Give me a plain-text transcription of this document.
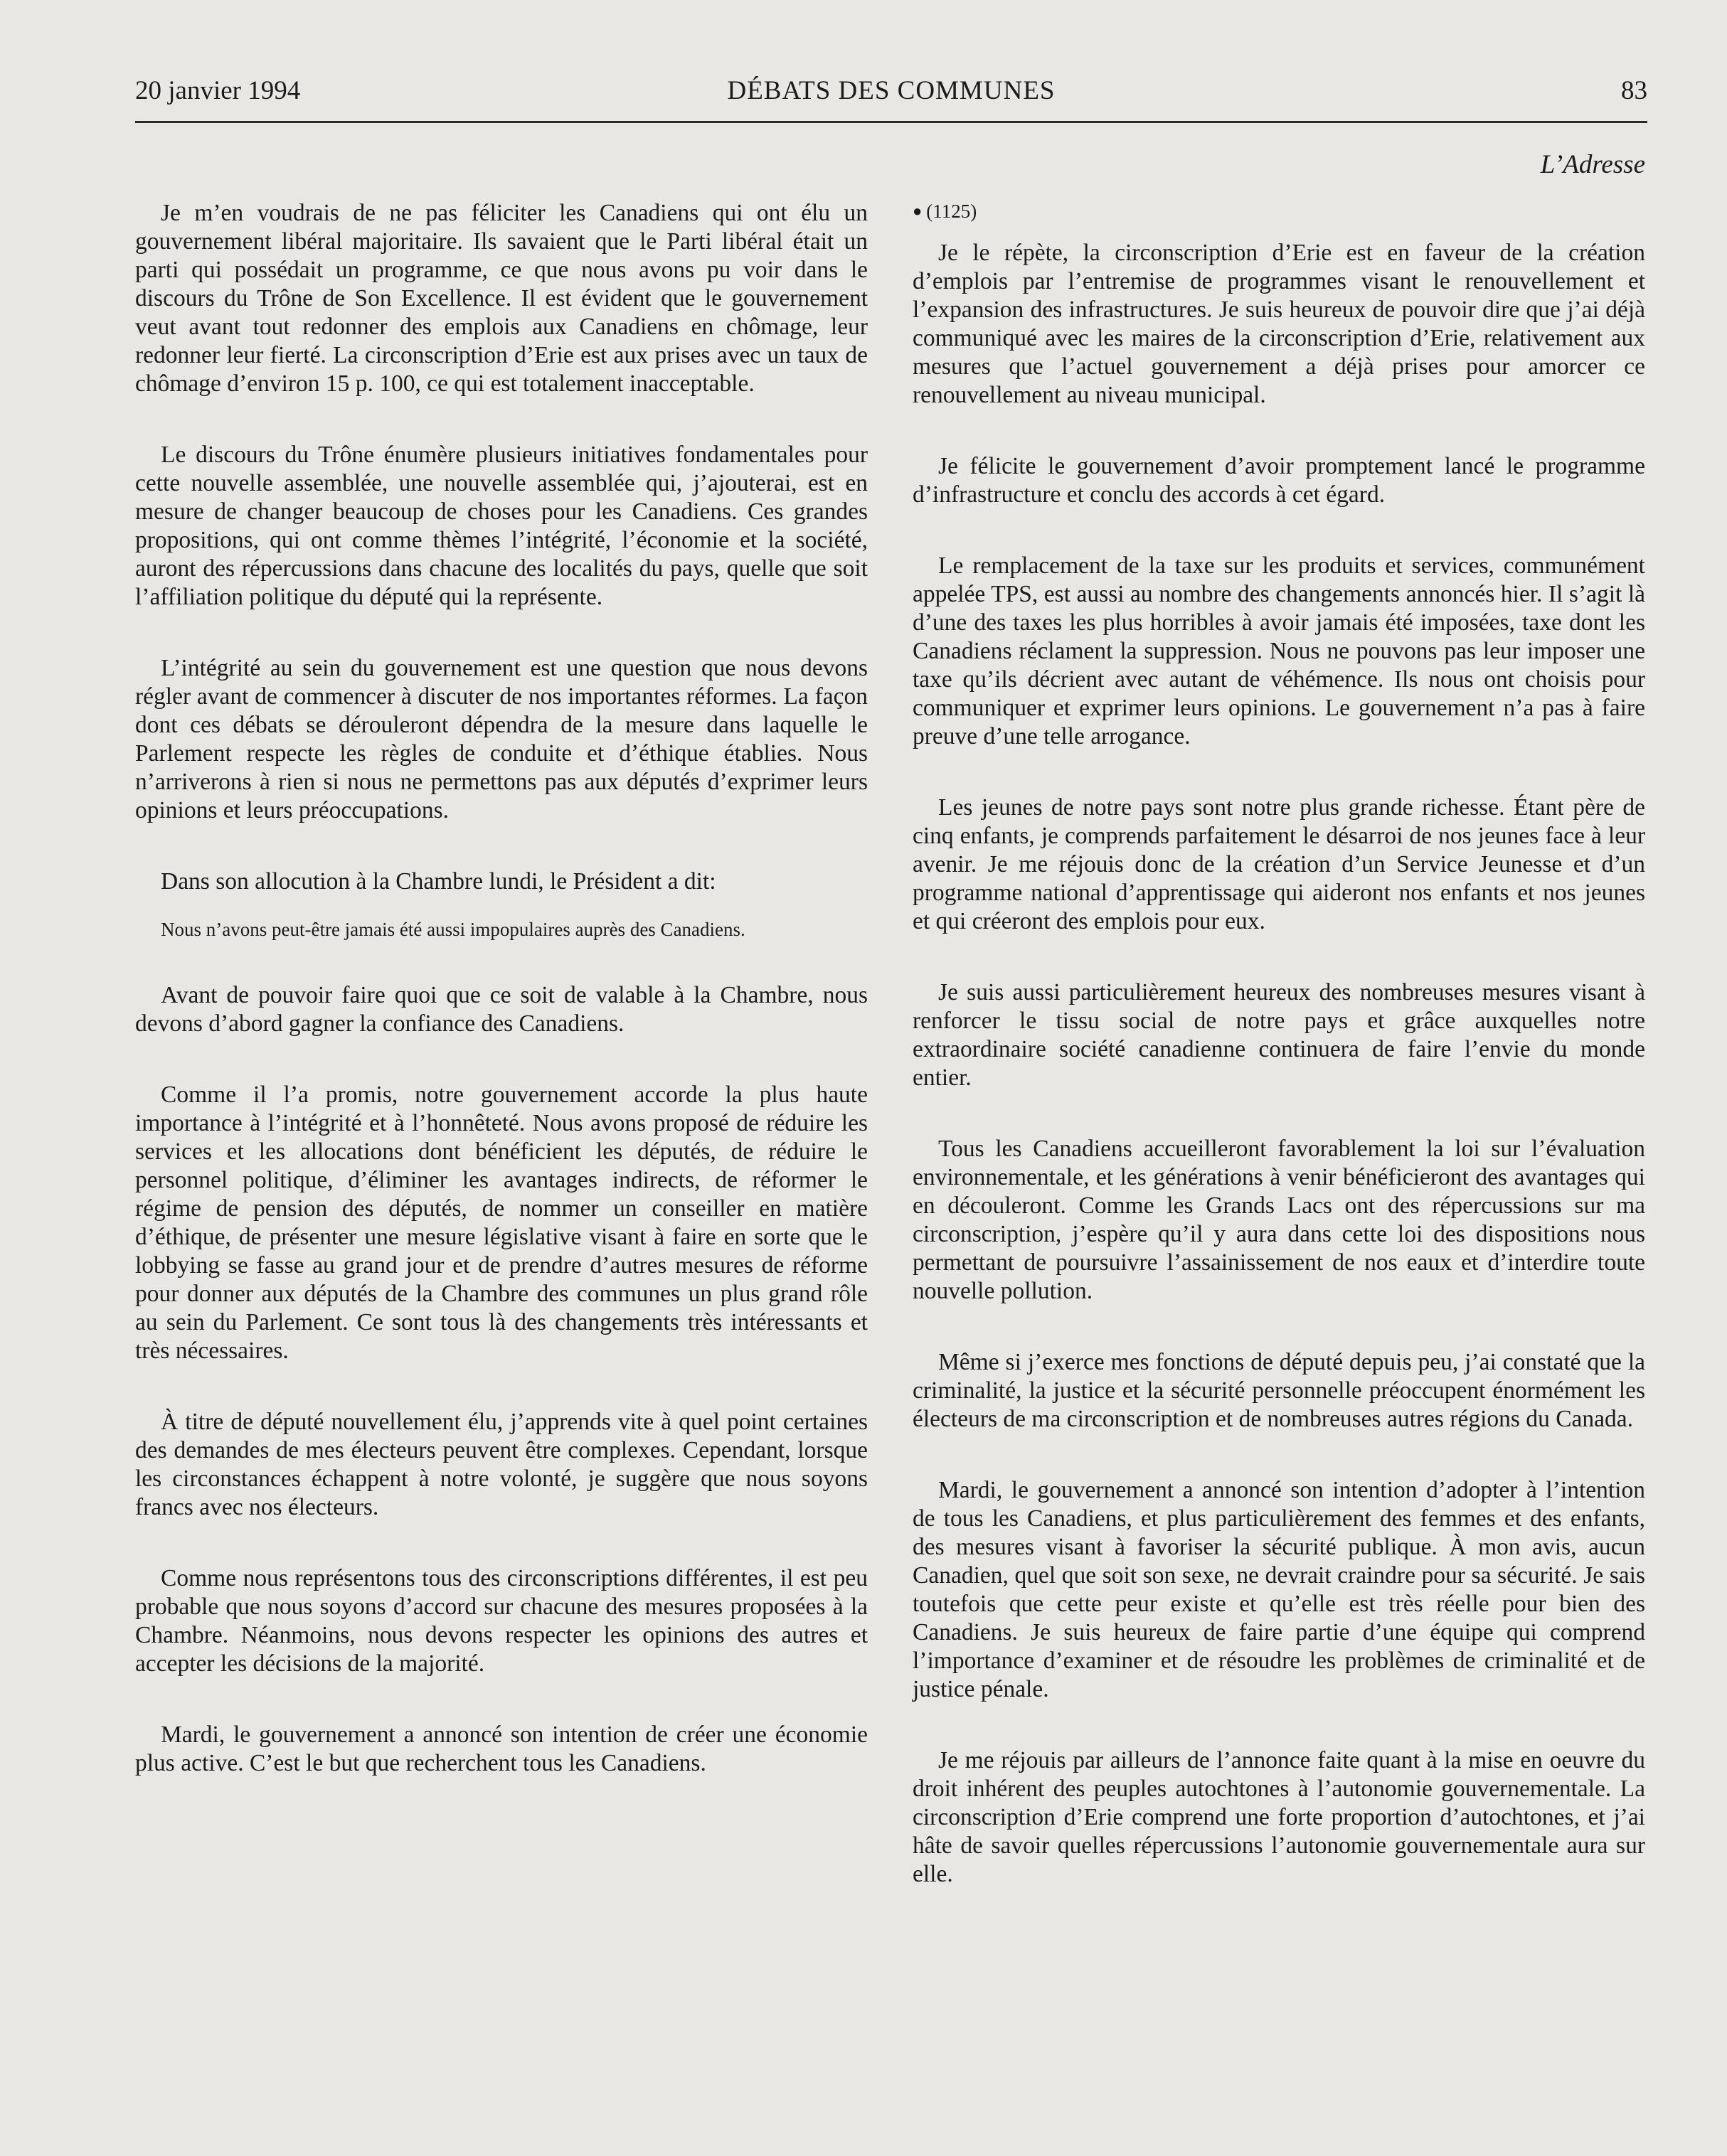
20 janvier 1994	DÉBATS DES COMMUNES	83
L’Adresse

Je m’en voudrais de ne pas féliciter les Canadiens qui ont élu un gouvernement libéral majoritaire. Ils savaient que le Parti libéral était un parti qui possédait un programme, ce que nous avons pu voir dans le discours du Trône de Son Excellence. Il est évident que le gouvernement veut avant tout redonner des emplois aux Canadiens en chômage, leur redonner leur fierté. La circonscription d’Erie est aux prises avec un taux de chômage d’environ 15 p. 100, ce qui est totalement inacceptable.

Le discours du Trône énumère plusieurs initiatives fondamentales pour cette nouvelle assemblée, une nouvelle assemblée qui, j’ajouterai, est en mesure de changer beaucoup de choses pour les Canadiens. Ces grandes propositions, qui ont comme thèmes l’intégrité, l’économie et la société, auront des répercussions dans chacune des localités du pays, quelle que soit l’affiliation politique du député qui la représente.

L’intégrité au sein du gouvernement est une question que nous devons régler avant de commencer à discuter de nos importantes réformes. La façon dont ces débats se dérouleront dépendra de la mesure dans laquelle le Parlement respecte les règles de conduite et d’éthique établies. Nous n’arriverons à rien si nous ne permettons pas aux députés d’exprimer leurs opinions et leurs préoccupations.

Dans son allocution à la Chambre lundi, le Président a dit:

Nous n’avons peut-être jamais été aussi impopulaires auprès des Canadiens.

Avant de pouvoir faire quoi que ce soit de valable à la Chambre, nous devons d’abord gagner la confiance des Canadiens.

Comme il l’a promis, notre gouvernement accorde la plus haute importance à l’intégrité et à l’honnêteté. Nous avons proposé de réduire les services et les allocations dont bénéficient les députés, de réduire le personnel politique, d’éliminer les avantages indirects, de réformer le régime de pension des députés, de nommer un conseiller en matière d’éthique, de présenter une mesure législative visant à faire en sorte que le lobbying se fasse au grand jour et de prendre d’autres mesures de réforme pour donner aux députés de la Chambre des communes un plus grand rôle au sein du Parlement. Ce sont tous là des changements très intéressants et très nécessaires.

À titre de député nouvellement élu, j’apprends vite à quel point certaines des demandes de mes électeurs peuvent être complexes. Cependant, lorsque les circonstances échappent à notre volonté, je suggère que nous soyons francs avec nos électeurs.

Comme nous représentons tous des circonscriptions différentes, il est peu probable que nous soyons d’accord sur chacune des mesures proposées à la Chambre. Néanmoins, nous devons respecter les opinions des autres et accepter les décisions de la majorité.

Mardi, le gouvernement a annoncé son intention de créer une économie plus active. C’est le but que recherchent tous les Canadiens.

● (1125)

Je le répète, la circonscription d’Erie est en faveur de la création d’emplois par l’entremise de programmes visant le renouvellement et l’expansion des infrastructures. Je suis heureux de pouvoir dire que j’ai déjà communiqué avec les maires de la circonscription d’Erie, relativement aux mesures que l’actuel gouvernement a déjà prises pour amorcer ce renouvellement au niveau municipal.

Je félicite le gouvernement d’avoir promptement lancé le programme d’infrastructure et conclu des accords à cet égard.

Le remplacement de la taxe sur les produits et services, communément appelée TPS, est aussi au nombre des changements annoncés hier. Il s’agit là d’une des taxes les plus horribles à avoir jamais été imposées, taxe dont les Canadiens réclament la suppression. Nous ne pouvons pas leur imposer une taxe qu’ils décrient avec autant de véhémence. Ils nous ont choisis pour communiquer et exprimer leurs opinions. Le gouvernement n’a pas à faire preuve d’une telle arrogance.

Les jeunes de notre pays sont notre plus grande richesse. Étant père de cinq enfants, je comprends parfaitement le désarroi de nos jeunes face à leur avenir. Je me réjouis donc de la création d’un Service Jeunesse et d’un programme national d’apprentissage qui aideront nos enfants et nos jeunes et qui créeront des emplois pour eux.

Je suis aussi particulièrement heureux des nombreuses mesures visant à renforcer le tissu social de notre pays et grâce auxquelles notre extraordinaire société canadienne continuera de faire l’envie du monde entier.

Tous les Canadiens accueilleront favorablement la loi sur l’évaluation environnementale, et les générations à venir bénéficieront des avantages qui en découleront. Comme les Grands Lacs ont des répercussions sur ma circonscription, j’espère qu’il y aura dans cette loi des dispositions nous permettant de poursuivre l’assainissement de nos eaux et d’interdire toute nouvelle pollution.

Même si j’exerce mes fonctions de député depuis peu, j’ai constaté que la criminalité, la justice et la sécurité personnelle préoccupent énormément les électeurs de ma circonscription et de nombreuses autres régions du Canada.

Mardi, le gouvernement a annoncé son intention d’adopter à l’intention de tous les Canadiens, et plus particulièrement des femmes et des enfants, des mesures visant à favoriser la sécurité publique. À mon avis, aucun Canadien, quel que soit son sexe, ne devrait craindre pour sa sécurité. Je sais toutefois que cette peur existe et qu’elle est très réelle pour bien des Canadiens. Je suis heureux de faire partie d’une équipe qui comprend l’importance d’examiner et de résoudre les problèmes de criminalité et de justice pénale.

Je me réjouis par ailleurs de l’annonce faite quant à la mise en oeuvre du droit inhérent des peuples autochtones à l’autonomie gouvernementale. La circonscription d’Erie comprend une forte proportion d’autochtones, et j’ai hâte de savoir quelles répercussions l’autonomie gouvernementale aura sur elle.
